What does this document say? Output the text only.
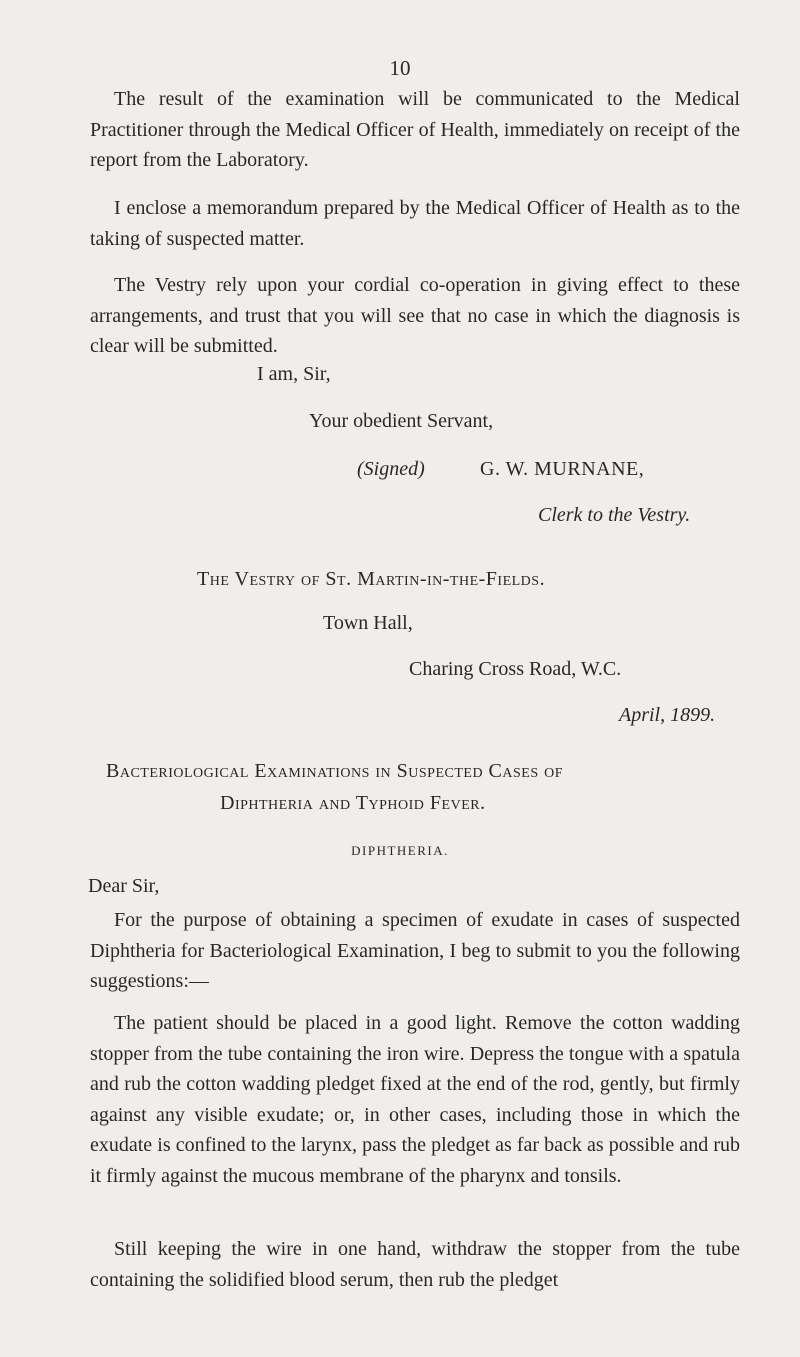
10

The result of the examination will be communicated to the Medical Practitioner through the Medical Officer of Health, immediately on receipt of the report from the Laboratory.

I enclose a memorandum prepared by the Medical Officer of Health as to the taking of suspected matter.

The Vestry rely upon your cordial co-operation in giving effect to these arrangements, and trust that you will see that no case in which the diagnosis is clear will be submitted.

I am, Sir,
Your obedient Servant,
(Signed)	G. W. MURNANE,
Clerk to the Vestry.
The Vestry of St. Martin-in-the-Fields.
Town Hall,
Charing Cross Road, W.C.
April, 1899.
Bacteriological Examinations in Suspected Cases of
Diphtheria and Typhoid Fever.
DIPHTHERIA.
Dear Sir,

For the purpose of obtaining a specimen of exudate in cases of suspected Diphtheria for Bacteriological Examination, I beg to submit to you the following suggestions:—

The patient should be placed in a good light. Remove the cotton wadding stopper from the tube containing the iron wire. Depress the tongue with a spatula and rub the cotton wadding pledget fixed at the end of the rod, gently, but firmly against any visible exudate; or, in other cases, including those in which the exudate is confined to the larynx, pass the pledget as far back as possible and rub it firmly against the mucous membrane of the pharynx and tonsils.

Still keeping the wire in one hand, withdraw the stopper from the tube containing the solidified blood serum, then rub the pledget
